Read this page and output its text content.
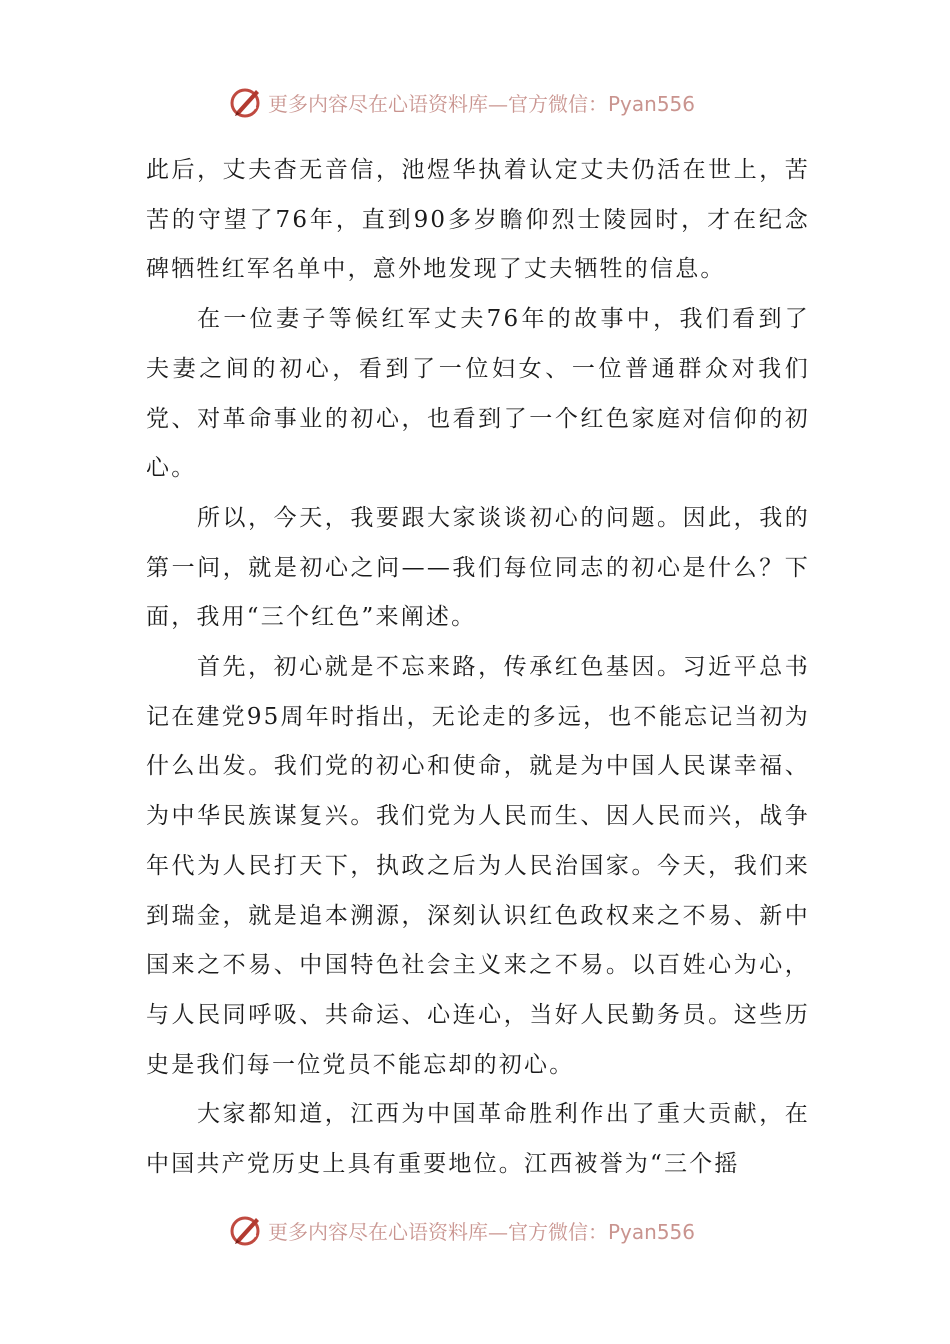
更多内容尽在心语资料库—官方微信：Pyan556

此后，丈夫杳无音信，池煜华执着认定丈夫仍活在世上，苦苦的守望了76年，直到90多岁瞻仰烈士陵园时，才在纪念碑牺牲红军名单中，意外地发现了丈夫牺牲的信息。

在一位妻子等候红军丈夫76年的故事中，我们看到了夫妻之间的初心，看到了一位妇女、一位普通群众对我们党、对革命事业的初心，也看到了一个红色家庭对信仰的初心。

所以，今天，我要跟大家谈谈初心的问题。因此，我的第一问，就是初心之问——我们每位同志的初心是什么？下面，我用“三个红色”来阐述。

首先，初心就是不忘来路，传承红色基因。习近平总书记在建党95周年时指出，无论走的多远，也不能忘记当初为什么出发。我们党的初心和使命，就是为中国人民谋幸福、为中华民族谋复兴。我们党为人民而生、因人民而兴，战争年代为人民打天下，执政之后为人民治国家。今天，我们来到瑞金，就是追本溯源，深刻认识红色政权来之不易、新中国来之不易、中国特色社会主义来之不易。以百姓心为心，与人民同呼吸、共命运、心连心，当好人民勤务员。这些历史是我们每一位党员不能忘却的初心。

大家都知道，江西为中国革命胜利作出了重大贡献，在中国共产党历史上具有重要地位。江西被誉为“三个摇

更多内容尽在心语资料库—官方微信：Pyan556
